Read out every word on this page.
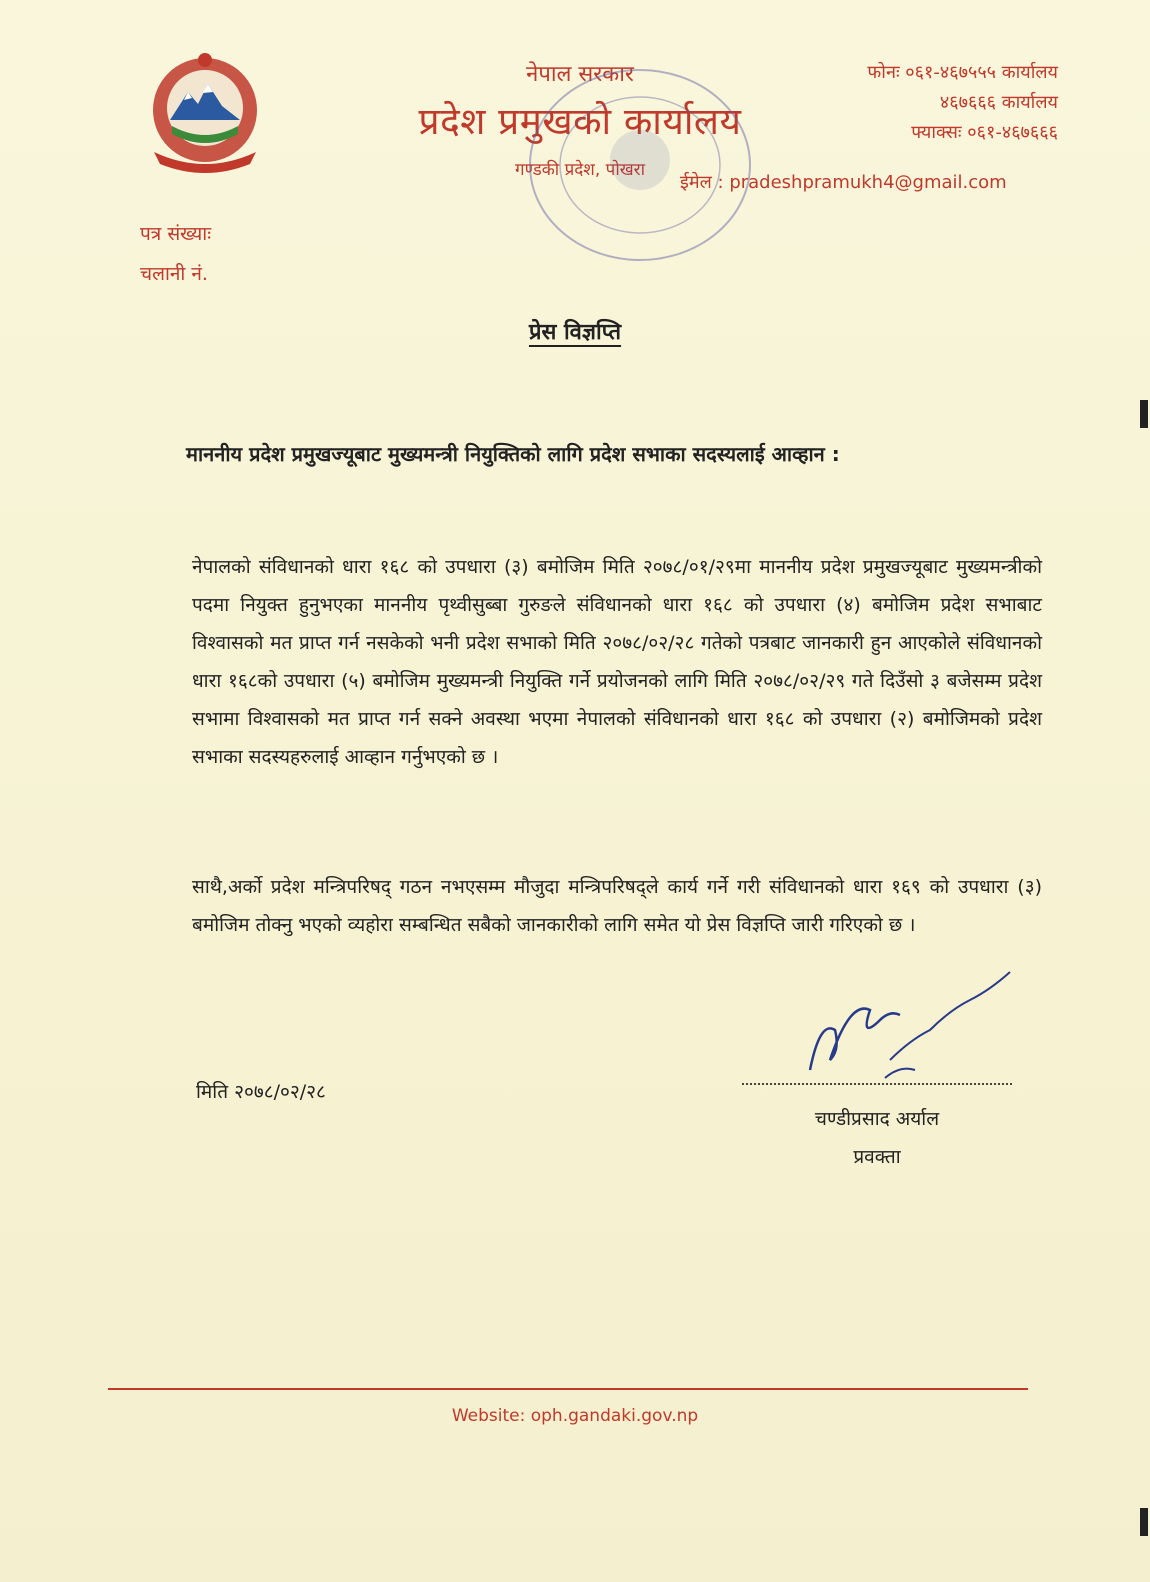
नेपाल सरकार
प्रदेश प्रमुखको कार्यालय
गण्डकी प्रदेश, पोखरा
फोनः ०६१-४६७५५५ कार्यालय
४६७६६६ कार्यालय
फ्याक्सः ०६१-४६७६६६
ईमेल : pradeshpramukh4@gmail.com
पत्र संख्याः
चलानी नं.
प्रेस विज्ञप्ति
माननीय प्रदेश प्रमुखज्यूबाट मुख्यमन्त्री नियुक्तिको लागि प्रदेश सभाका सदस्यलाई आव्हान :
नेपालको संविधानको धारा १६८ को उपधारा (३) बमोजिम मिति २०७८/०१/२९मा माननीय प्रदेश प्रमुखज्यूबाट मुख्यमन्त्रीको पदमा नियुक्त हुनुभएका माननीय पृथ्वीसुब्बा गुरुङले संविधानको धारा १६८ को उपधारा (४) बमोजिम प्रदेश सभाबाट विश्वासको मत प्राप्त गर्न नसकेको भनी प्रदेश सभाको मिति २०७८/०२/२८ गतेको पत्रबाट जानकारी हुन आएकोले संविधानको धारा १६८को उपधारा (५) बमोजिम मुख्यमन्त्री नियुक्ति गर्ने प्रयोजनको लागि मिति २०७८/०२/२९ गते दिउँसो ३ बजेसम्म प्रदेश सभामा विश्वासको मत प्राप्त गर्न सक्ने अवस्था भएमा नेपालको संविधानको धारा १६८ को उपधारा (२) बमोजिमको प्रदेश सभाका सदस्यहरुलाई आव्हान गर्नुभएको छ ।
साथै,अर्को प्रदेश मन्त्रिपरिषद् गठन नभएसम्म मौजुदा मन्त्रिपरिषद्ले कार्य गर्ने गरी संविधानको धारा १६९ को उपधारा (३) बमोजिम तोक्नु भएको व्यहोरा सम्बन्धित सबैको जानकारीको लागि समेत यो प्रेस विज्ञप्ति जारी गरिएको छ ।
मिति २०७८/०२/२८
चण्डीप्रसाद अर्याल
प्रवक्ता
Website: oph.gandaki.gov.np
